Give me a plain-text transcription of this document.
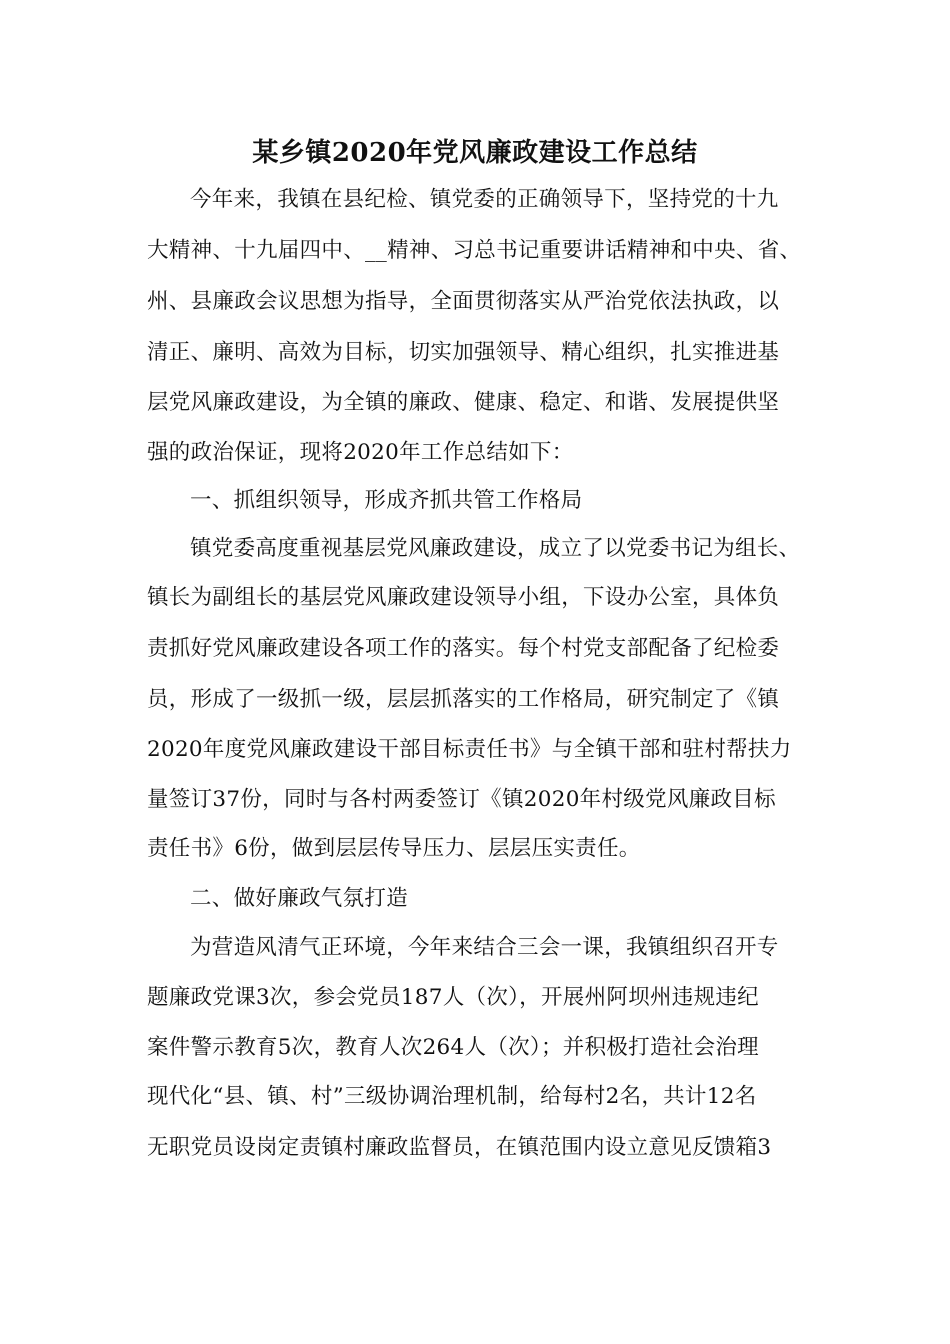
某乡镇2020年党风廉政建设工作总结
今年来，我镇在县纪检、镇党委的正确领导下，坚持党的十九
大精神、十九届四中、__精神、习总书记重要讲话精神和中央、省、
州、县廉政会议思想为指导，全面贯彻落实从严治党依法执政，以
清正、廉明、高效为目标，切实加强领导、精心组织，扎实推进基
层党风廉政建设，为全镇的廉政、健康、稳定、和谐、发展提供坚
强的政治保证，现将2020年工作总结如下：
一、抓组织领导，形成齐抓共管工作格局
镇党委高度重视基层党风廉政建设，成立了以党委书记为组长、
镇长为副组长的基层党风廉政建设领导小组，下设办公室，具体负
责抓好党风廉政建设各项工作的落实。每个村党支部配备了纪检委
员，形成了一级抓一级，层层抓落实的工作格局，研究制定了《镇
2020年度党风廉政建设干部目标责任书》与全镇干部和驻村帮扶力
量签订37份，同时与各村两委签订《镇2020年村级党风廉政目标
责任书》6份，做到层层传导压力、层层压实责任。
二、做好廉政气氛打造
为营造风清气正环境，今年来结合三会一课，我镇组织召开专
题廉政党课3次，参会党员187人（次），开展州阿坝州违规违纪
案件警示教育5次，教育人次264人（次）；并积极打造社会治理
现代化“县、镇、村”三级协调治理机制，给每村2名，共计12名
无职党员设岗定责镇村廉政监督员，在镇范围内设立意见反馈箱3
